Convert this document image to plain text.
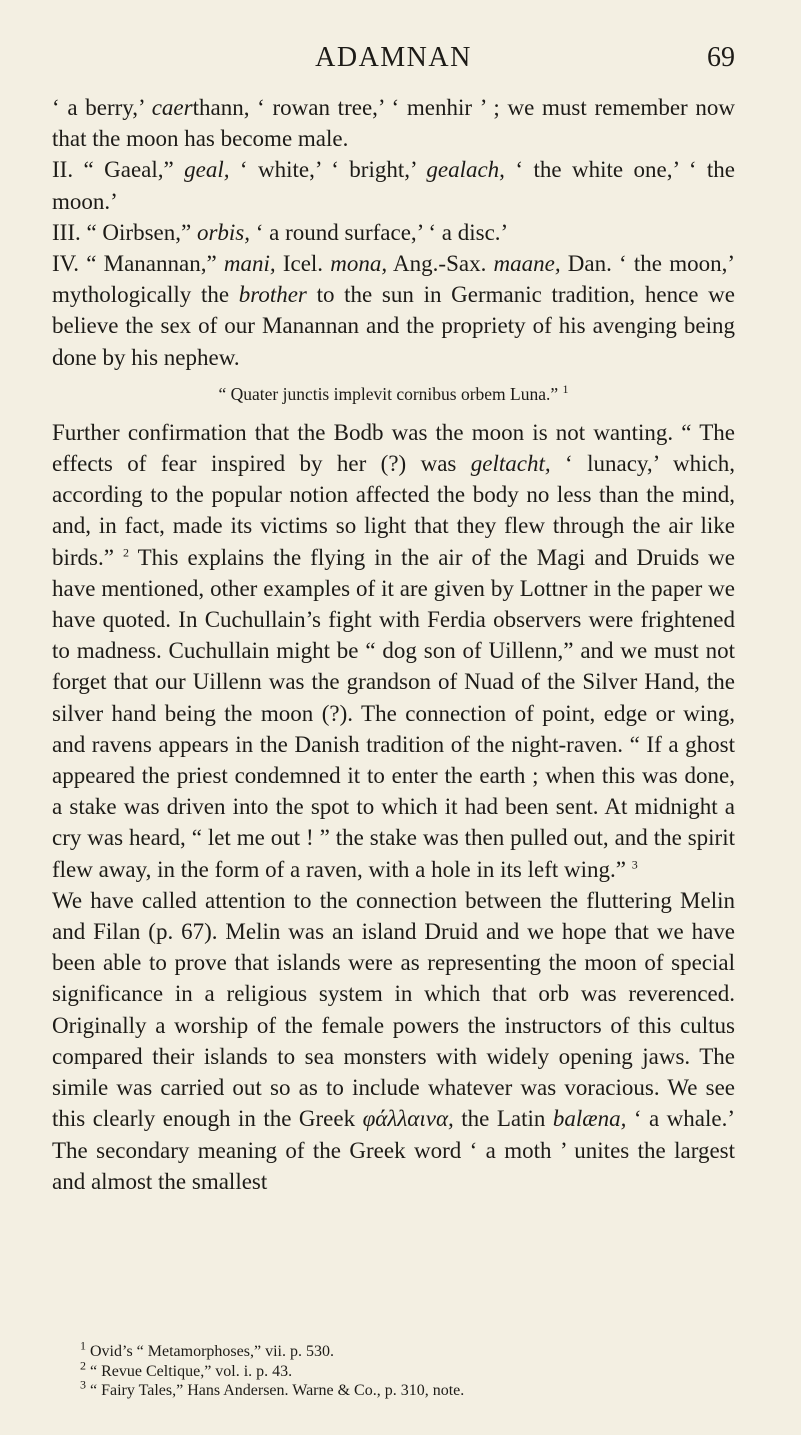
ADAMNAN	69

‘ a berry,’ caerthann, ‘ rowan tree,’ ‘ menhir ’ ; we must remember now that the moon has become male.

II. “ Gaeal,” geal, ‘ white,’ ‘ bright,’ gealach, ‘ the white one,’ ‘ the moon.’

III. “ Oirbsen,” orbis, ‘ a round surface,’ ‘ a disc.’

IV. “ Manannan,” mani, Icel. mona, Ang.-Sax. maane, Dan. ‘ the moon,’ mythologically the brother to the sun in Germanic tradition, hence we believe the sex of our Manannan and the propriety of his avenging being done by his nephew.

“ Quater junctis implevit cornibus orbem Luna.” $^1$

Further confirmation that the Bodb was the moon is not wanting. “ The effects of fear inspired by her (?) was geltacht, ‘ lunacy,’ which, according to the popular notion affected the body no less than the mind, and, in fact, made its victims so light that they flew through the air like birds.” $^2$ This explains the flying in the air of the Magi and Druids we have mentioned, other examples of it are given by Lottner in the paper we have quoted. In Cuchullain’s fight with Ferdia observers were frightened to madness. Cuchullain might be “ dog son of Uillenn,” and we must not forget that our Uillenn was the grandson of Nuad of the Silver Hand, the silver hand being the moon (?). The connection of point, edge or wing, and ravens appears in the Danish tradition of the night-raven. “ If a ghost appeared the priest condemned it to enter the earth ; when this was done, a stake was driven into the spot to which it had been sent. At midnight a cry was heard, “ let me out ! ” the stake was then pulled out, and the spirit flew away, in the form of a raven, with a hole in its left wing.” $^3$

We have called attention to the connection between the fluttering Melin and Filan (p. 67). Melin was an island Druid and we hope that we have been able to prove that islands were as representing the moon of special significance in a religious system in which that orb was reverenced. Originally a worship of the female powers the instructors of this cultus compared their islands to sea monsters with widely opening jaws. The simile was carried out so as to include whatever was voracious. We see this clearly enough in the Greek φάλλαινα, the Latin balæna, ‘ a whale.’ The secondary meaning of the Greek word ‘ a moth ’ unites the largest and almost the smallest

$^1$ Ovid’s “ Metamorphoses,” vii. p. 530.

$^2$ “ Revue Celtique,” vol. i. p. 43.

$^3$ “ Fairy Tales,” Hans Andersen. Warne & Co., p. 310, note.
